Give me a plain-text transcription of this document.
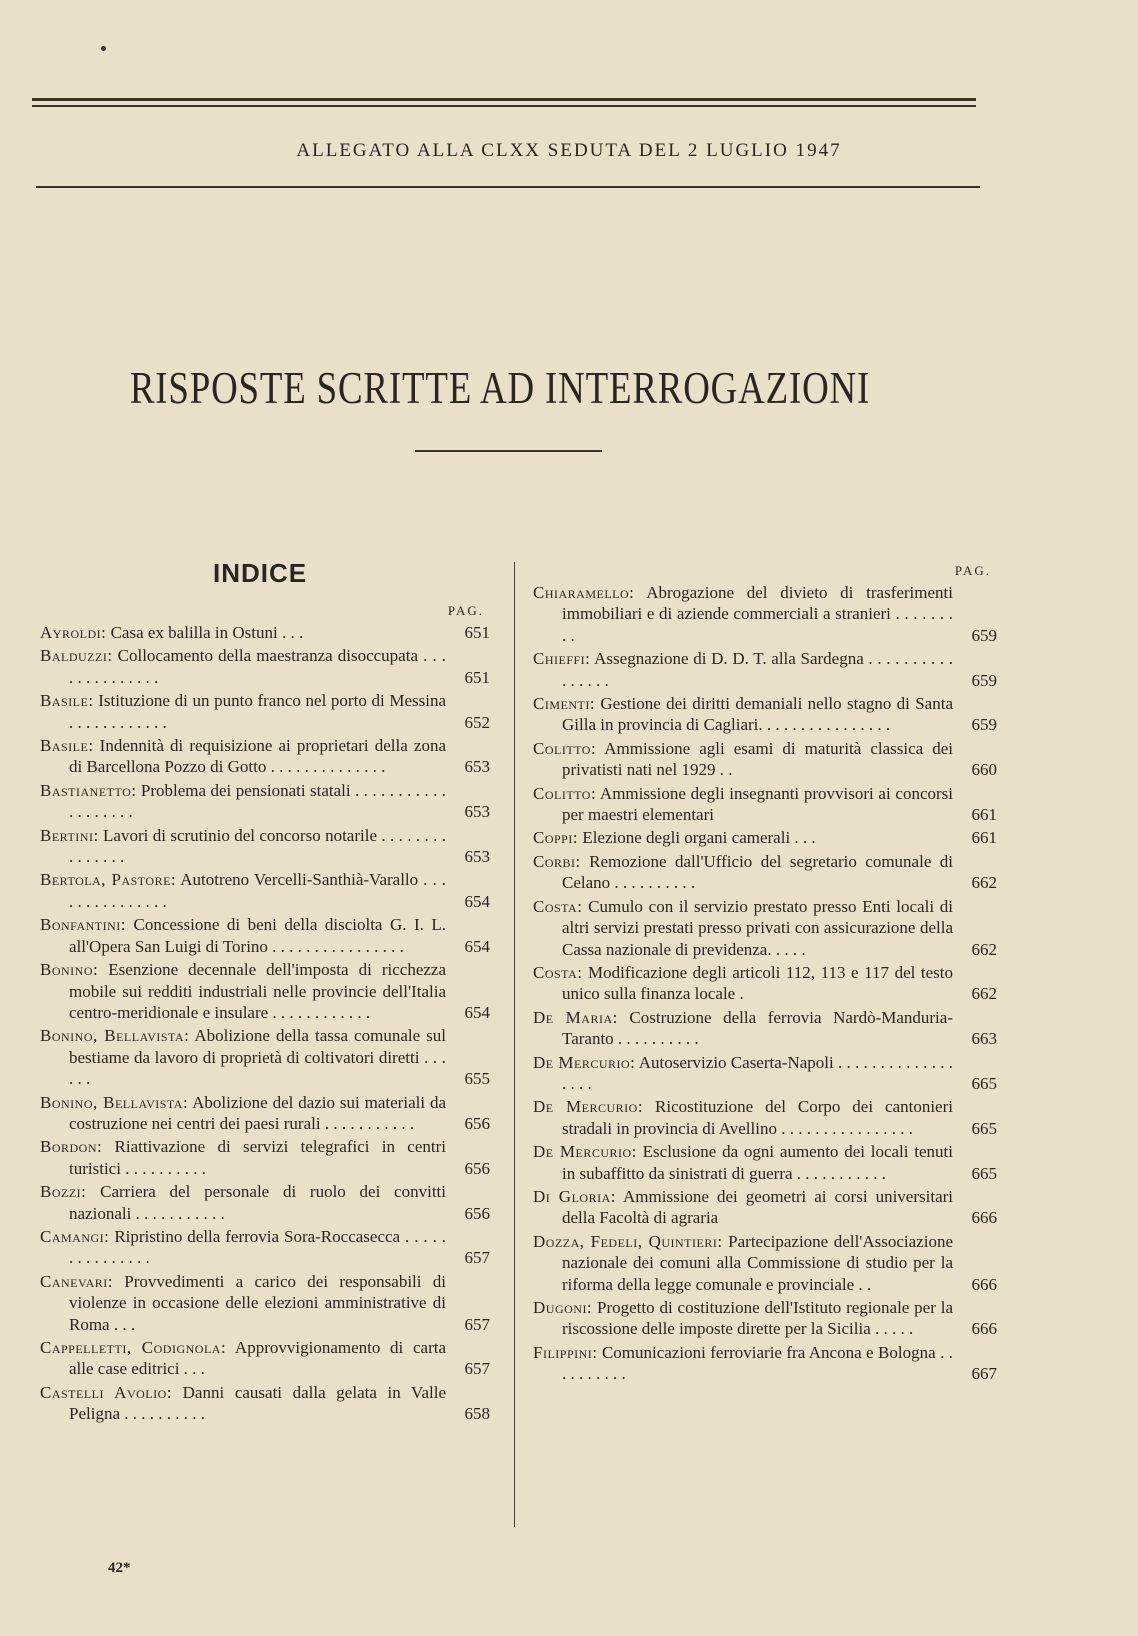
ALLEGATO ALLA CLXX SEDUTA DEL 2 LUGLIO 1947
RISPOSTE SCRITTE AD INTERROGAZIONI
INDICE
PAG.
Ayroldi: Casa ex balilla in Ostuni . . .	651
Balduzzi: Collocamento della maestranza disoccupata . . . . . . . . . . . . . .	651
Basile: Istituzione di un punto franco nel porto di Messina . . . . . . . . . . . .	652
Basile: Indennità di requisizione ai proprietari della zona di Barcellona Pozzo di Gotto . . . . . . . . . . . . . .	653
Bastianetto: Problema dei pensionati statali . . . . . . . . . . . . . . . . . . .	653
Bertini: Lavori di scrutinio del concorso notarile . . . . . . . . . . . . . . .	653
Bertola, Pastore: Autotreno Vercelli-Santhià-Varallo . . . . . . . . . . . . . . .	654
Bonfantini: Concessione di beni della disciolta G. I. L. all'Opera San Luigi di Torino . . . . . . . . . . . . . . . .	654
Bonino: Esenzione decennale dell'imposta di ricchezza mobile sui redditi industriali nelle provincie dell'Italia centro-meridionale e insulare . . . . . . . . . . . .	654
Bonino, Bellavista: Abolizione della tassa comunale sul bestiame da lavoro di proprietà di coltivatori diretti . . . . . .	655
Bonino, Bellavista: Abolizione del dazio sui materiali da costruzione nei centri dei paesi rurali . . . . . . . . . . .	656
Bordon: Riattivazione di servizi telegrafici in centri turistici . . . . . . . . . .	656
Bozzi: Carriera del personale di ruolo dei convitti nazionali . . . . . . . . . . .	656
Camangi: Ripristino della ferrovia Sora-Roccasecca . . . . . . . . . . . . . . .	657
Canevari: Provvedimenti a carico dei responsabili di violenze in occasione delle elezioni amministrative di Roma . . .	657
Cappelletti, Codignola: Approvvigionamento di carta alle case editrici . . .	657
Castelli Avolio: Danni causati dalla gelata in Valle Peligna . . . . . . . . . .	658
PAG.
Chiaramello: Abrogazione del divieto di trasferimenti immobiliari e di aziende commerciali a stranieri . . . . . . . . .	659
Chieffi: Assegnazione di D. D. T. alla Sardegna . . . . . . . . . . . . . . . .	659
Cimenti: Gestione dei diritti demaniali nello stagno di Santa Gilla in provincia di Cagliari. . . . . . . . . . . . . . . .	659
Colitto: Ammissione agli esami di maturità classica dei privatisti nati nel 1929 . .	660
Colitto: Ammissione degli insegnanti provvisori ai concorsi per maestri elementari	661
Coppi: Elezione degli organi camerali . . .	661
Corbi: Remozione dall'Ufficio del segretario comunale di Celano . . . . . . . . . .	662
Costa: Cumulo con il servizio prestato presso Enti locali di altri servizi prestati presso privati con assicurazione della Cassa nazionale di previdenza. . . . .	662
Costa: Modificazione degli articoli 112, 113 e 117 del testo unico sulla finanza locale .	662
De Maria: Costruzione della ferrovia Nardò-Manduria-Taranto . . . . . . . . . .	663
De Mercurio: Autoservizio Caserta-Napoli . . . . . . . . . . . . . . . . . .	665
De Mercurio: Ricostituzione del Corpo dei cantonieri stradali in provincia di Avellino . . . . . . . . . . . . . . . .	665
De Mercurio: Esclusione da ogni aumento dei locali tenuti in subaffitto da sinistrati di guerra . . . . . . . . . . .	665
Di Gloria: Ammissione dei geometri ai corsi universitari della Facoltà di agraria	666
Dozza, Fedeli, Quintieri: Partecipazione dell'Associazione nazionale dei comuni alla Commissione di studio per la riforma della legge comunale e provinciale . .	666
Dugoni: Progetto di costituzione dell'Istituto regionale per la riscossione delle imposte dirette per la Sicilia . . . . .	666
Filippini: Comunicazioni ferroviarie fra Ancona e Bologna . . . . . . . . . .	667
42*
